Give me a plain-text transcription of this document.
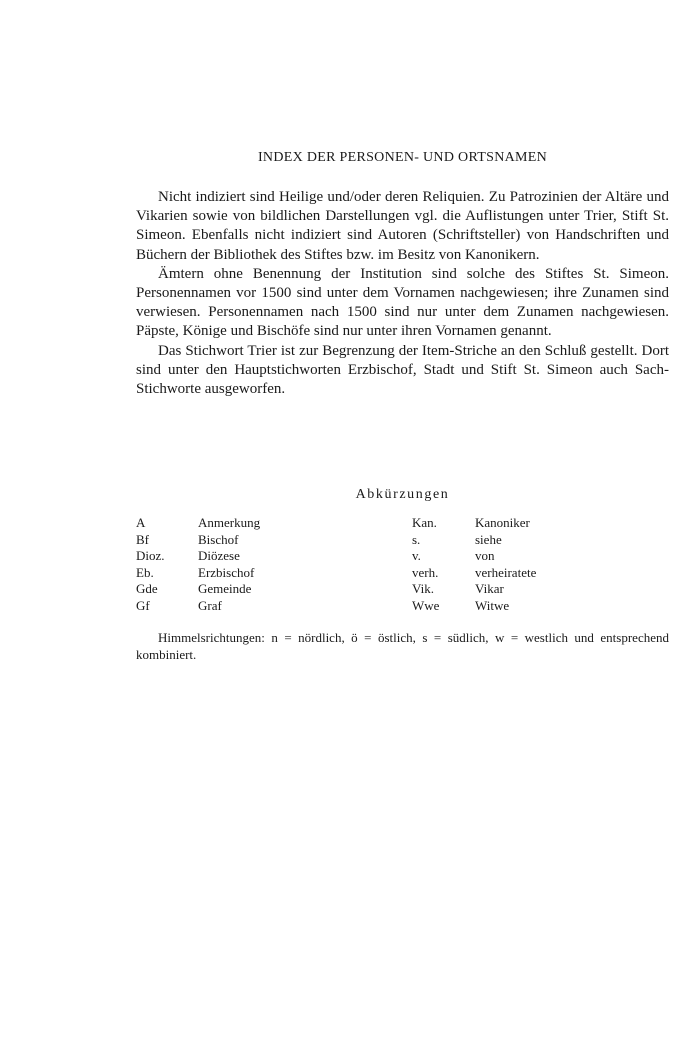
INDEX DER PERSONEN- UND ORTSNAMEN

Nicht indiziert sind Heilige und/oder deren Reliquien. Zu Patrozinien der Altäre und Vikarien sowie von bildlichen Darstellungen vgl. die Auflistungen unter Trier, Stift St. Simeon. Ebenfalls nicht indiziert sind Autoren (Schriftsteller) von Handschriften und Büchern der Bibliothek des Stiftes bzw. im Besitz von Kanonikern.

Ämtern ohne Benennung der Institution sind solche des Stiftes St. Simeon. Personennamen vor 1500 sind unter dem Vornamen nachgewiesen; ihre Zunamen sind verwiesen. Personennamen nach 1500 sind nur unter dem Zunamen nachgewiesen. Päpste, Könige und Bischöfe sind nur unter ihren Vornamen genannt.

Das Stichwort Trier ist zur Begrenzung der Item-Striche an den Schluß gestellt. Dort sind unter den Hauptstichworten Erzbischof, Stadt und Stift St. Simeon auch Sach-Stichworte ausgeworfen.

Abkürzungen
A	Anmerkung	Kan.	Kanoniker
Bf	Bischof	s.	siehe
Dioz.	Diözese	v.	von
Eb.	Erzbischof	verh.	verheiratete
Gde	Gemeinde	Vik.	Vikar
Gf	Graf	Wwe	Witwe
Himmelsrichtungen: n = nördlich, ö = östlich, s = südlich, w = westlich und entsprechend kombiniert.
